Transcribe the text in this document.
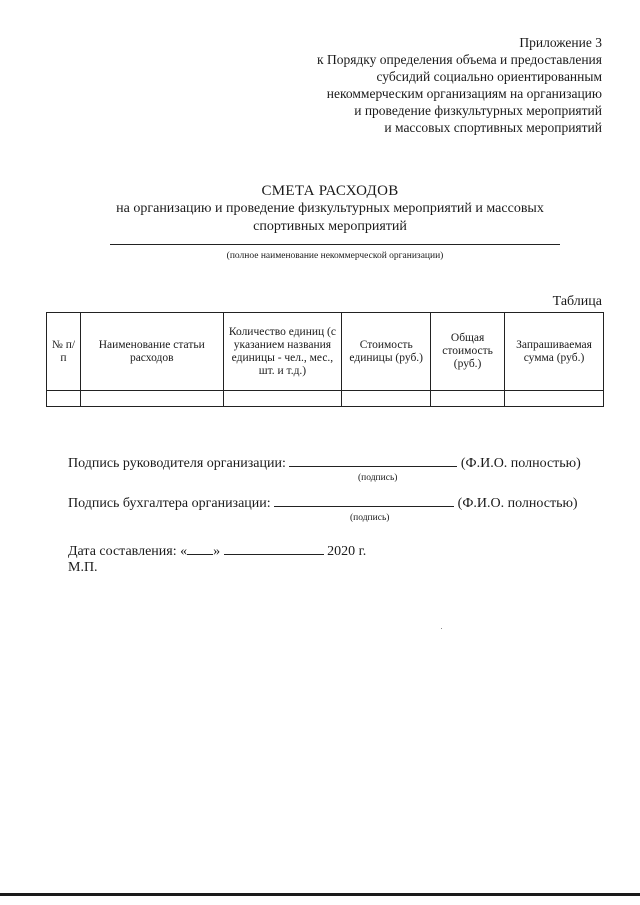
Приложение 3
к Порядку определения объема и предоставления
субсидий социально ориентированным
некоммерческим организациям на организацию
и проведение физкультурных мероприятий
и массовых спортивных мероприятий
СМЕТА РАСХОДОВ
на организацию и проведение физкультурных мероприятий и массовых
спортивных мероприятий
(полное наименование некоммерческой организации)
Таблица
№ п/п	Наименование статьи расходов	Количество единиц (с указанием названия единицы - чел., мес., шт. и т.д.)	Стоимость единицы (руб.)	Общая стоимость (руб.)	Запрашиваемая сумма (руб.)

Подпись руководителя организации:	(Ф.И.О. полностью)
(подпись)
Подпись бухгалтера организации:	(Ф.И.О. полностью)
(подпись)
Дата составления: « »	2020 г.
М.П.
